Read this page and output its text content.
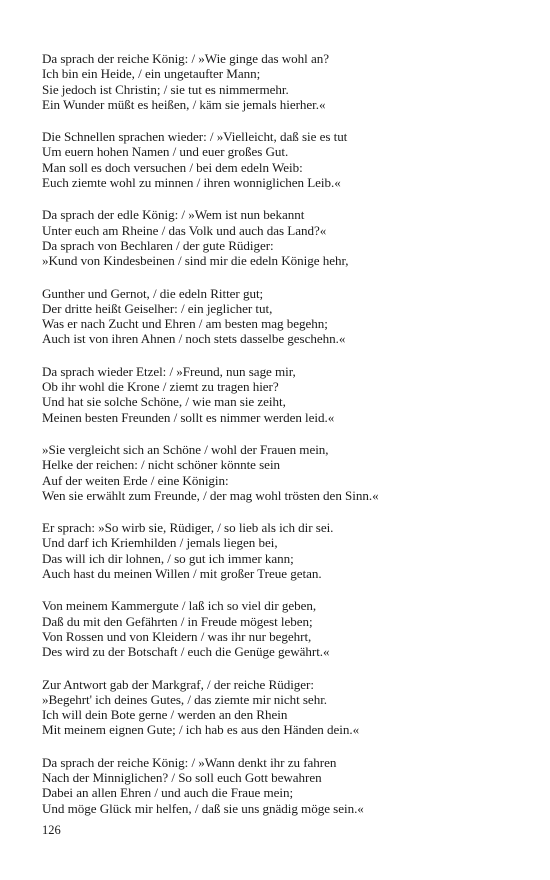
Da sprach der reiche König: / »Wie ginge das wohl an?
Ich bin ein Heide, / ein ungetaufter Mann;
Sie jedoch ist Christin; / sie tut es nimmermehr.
Ein Wunder müßt es heißen, / käm sie jemals hierher.«
Die Schnellen sprachen wieder: / »Vielleicht, daß sie es tut
Um euern hohen Namen / und euer großes Gut.
Man soll es doch versuchen / bei dem edeln Weib:
Euch ziemte wohl zu minnen / ihren wonniglichen Leib.«
Da sprach der edle König: / »Wem ist nun bekannt
Unter euch am Rheine / das Volk und auch das Land?«
Da sprach von Bechlaren / der gute Rüdiger:
»Kund von Kindesbeinen / sind mir die edeln Könige hehr,
Gunther und Gernot, / die edeln Ritter gut;
Der dritte heißt Geiselher: / ein jeglicher tut,
Was er nach Zucht und Ehren / am besten mag begehn;
Auch ist von ihren Ahnen / noch stets dasselbe geschehn.«
Da sprach wieder Etzel: / »Freund, nun sage mir,
Ob ihr wohl die Krone / ziemt zu tragen hier?
Und hat sie solche Schöne, / wie man sie zeiht,
Meinen besten Freunden / sollt es nimmer werden leid.«
»Sie vergleicht sich an Schöne / wohl der Frauen mein,
Helke der reichen: / nicht schöner könnte sein
Auf der weiten Erde / eine Königin:
Wen sie erwählt zum Freunde, / der mag wohl trösten den Sinn.«
Er sprach: »So wirb sie, Rüdiger, / so lieb als ich dir sei.
Und darf ich Kriemhilden / jemals liegen bei,
Das will ich dir lohnen, / so gut ich immer kann;
Auch hast du meinen Willen / mit großer Treue getan.
Von meinem Kammergute / laß ich so viel dir geben,
Daß du mit den Gefährten / in Freude mögest leben;
Von Rossen und von Kleidern / was ihr nur begehrt,
Des wird zu der Botschaft / euch die Genüge gewährt.«
Zur Antwort gab der Markgraf, / der reiche Rüdiger:
»Begehrt' ich deines Gutes, / das ziemte mir nicht sehr.
Ich will dein Bote gerne / werden an den Rhein
Mit meinem eignen Gute; / ich hab es aus den Händen dein.«
Da sprach der reiche König: / »Wann denkt ihr zu fahren
Nach der Minniglichen? / So soll euch Gott bewahren
Dabei an allen Ehren / und auch die Fraue mein;
Und möge Glück mir helfen, / daß sie uns gnädig möge sein.«
126
